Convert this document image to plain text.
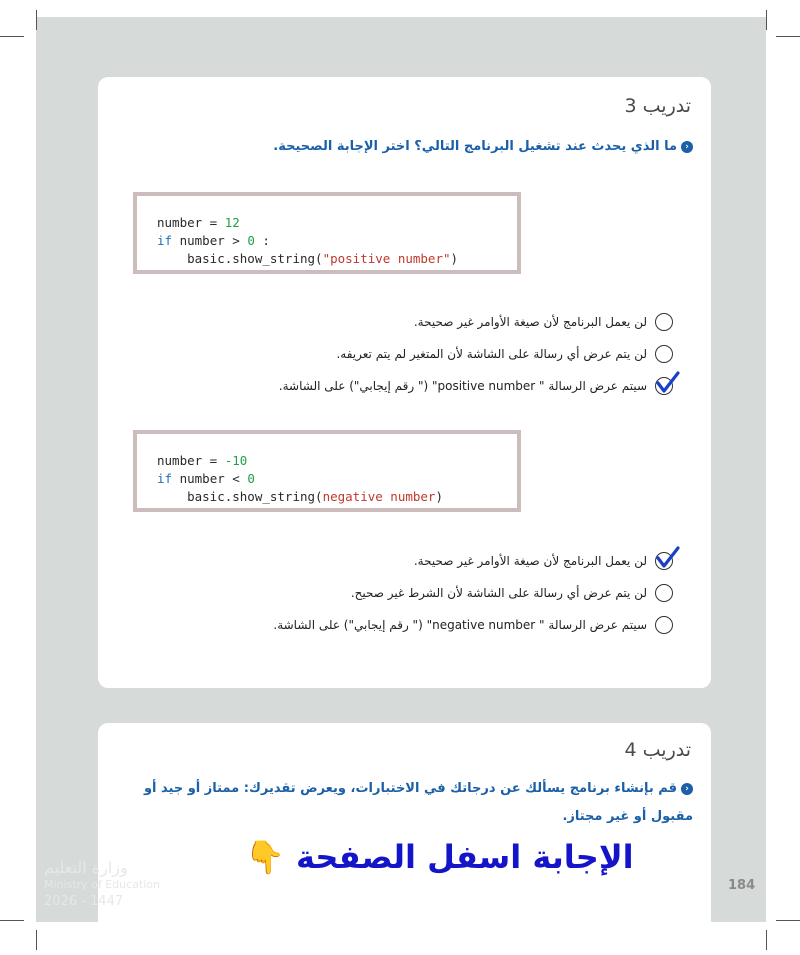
تدريب 3
‹ما الذي يحدث عند تشغيل البرنامج التالي؟ اختر الإجابة الصحيحة.
number = 12
if number > 0 :
basic.show_string("positive number")
لن يعمل البرنامج لأن صيغة الأوامر غير صحيحة.
لن يتم عرض أي رسالة على الشاشة لأن المتغير لم يتم تعريفه.
سيتم عرض الرسالة " positive number" (" رقم إيجابي") على الشاشة.
number = -10
if number < 0
basic.show_string(negative number)
لن يعمل البرنامج لأن صيغة الأوامر غير صحيحة.
لن يتم عرض أي رسالة على الشاشة لأن الشرط غير صحيح.
سيتم عرض الرسالة " negative number" (" رقم إيجابي") على الشاشة.
تدريب 4
‹قم بإنشاء برنامج يسألك عن درجاتك في الاختبارات، ويعرض تقديرك: ممتاز أو جيد أو مقبول أو غير مجتاز.
وزارة التعليم
Ministry of Education
2026 - 1447
الإجابة اسفل الصفحة 👇
184
